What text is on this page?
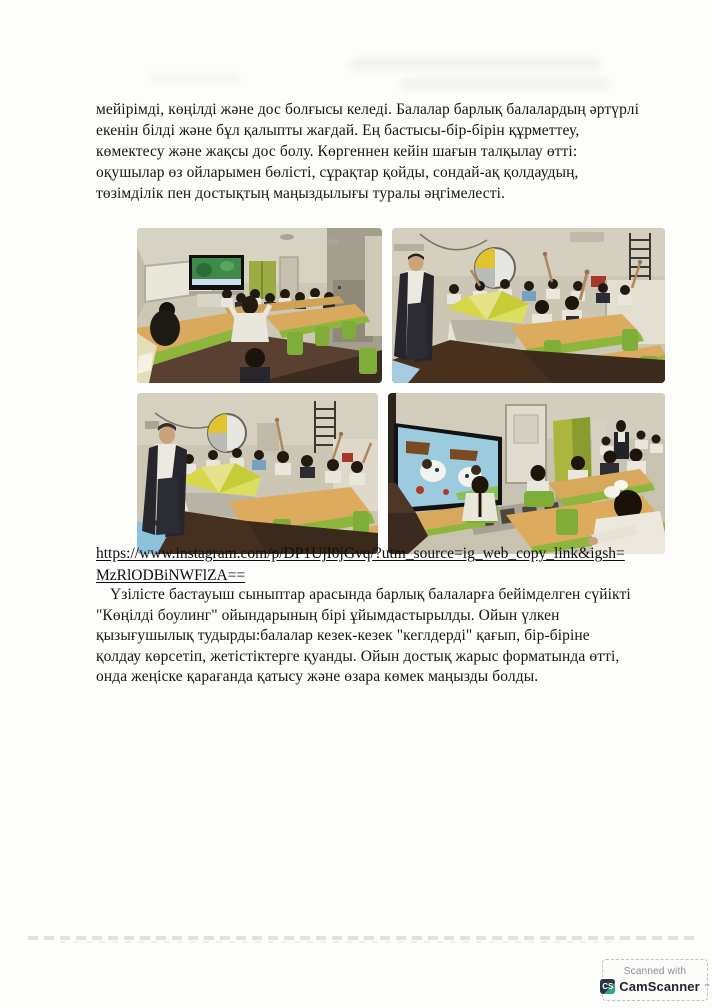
мейірімді, көңілді және дос болғысы келеді. Балалар барлық балалардың әртүрлі
екенін білді және бұл қалыпты жағдай. Ең бастысы-бір-бірін құрметтеу,
көмектесу және жақсы дос болу. Көргеннен кейін шағын талқылау өтті:
оқушылар өз ойларымен бөлісті, сұрақтар қойды, сондай-ақ қолдаудың,
төзімділік пен достықтың маңыздылығы туралы әңгімелесті.
https://www.instagram.com/p/DP1UjI0jGvq/?utm_source=ig_web_copy_link&igsh=
MzRlODBiNWFlZA==
Үзілісте бастауыш сыныптар арасында барлық балаларға бейімделген сүйікті
"Көңілді боулинг" ойындарының бірі ұйымдастырылды. Ойын үлкен
қызығушылық тудырды:балалар кезек-кезек "кеглдерді" қағып, бір-біріне
қолдау көрсетіп, жетістіктерге қуанды. Ойын достық жарыс форматында өтті,
онда жеңіске қарағанда қатысу және өзара көмек маңызды болды.
Scanned with
CS CamScanner ™
